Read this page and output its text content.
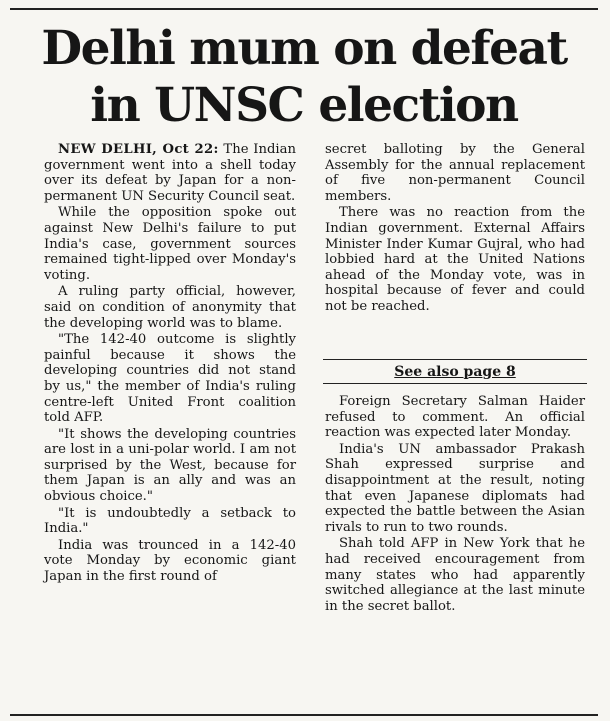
Delhi mum on defeat
in UNSC election

NEW DELHI, Oct 22: The Indian government went into a shell today over its defeat by Japan for a non-permanent UN Security Council seat.

While the opposition spoke out against New Delhi's failure to put India's case, government sources remained tight-lipped over Monday's voting.

A ruling party official, however, said on condition of anonymity that the developing world was to blame.

"The 142-40 outcome is slightly painful because it shows the developing countries did not stand by us," the member of India's ruling centre-left United Front coalition told AFP.

"It shows the developing countries are lost in a uni-polar world. I am not surprised by the West, because for them Japan is an ally and was an obvious choice."

"It is undoubtedly a setback to India."

India was trounced in a 142-40 vote Monday by economic giant Japan in the first round of

secret balloting by the General Assembly for the annual replacement of five non-permanent Council members.

There was no reaction from the Indian government. External Affairs Minister Inder Kumar Gujral, who had lobbied hard at the United Nations ahead of the Monday vote, was in hospital because of fever and could not be reached.

See also page 8

Foreign Secretary Salman Haider refused to comment. An official reaction was expected later Monday.

India's UN ambassador Prakash Shah expressed surprise and disappointment at the result, noting that even Japanese diplomats had expected the battle between the Asian rivals to run to two rounds.

Shah told AFP in New York that he had received encouragement from many states who had apparently switched allegiance at the last minute in the secret ballot.
